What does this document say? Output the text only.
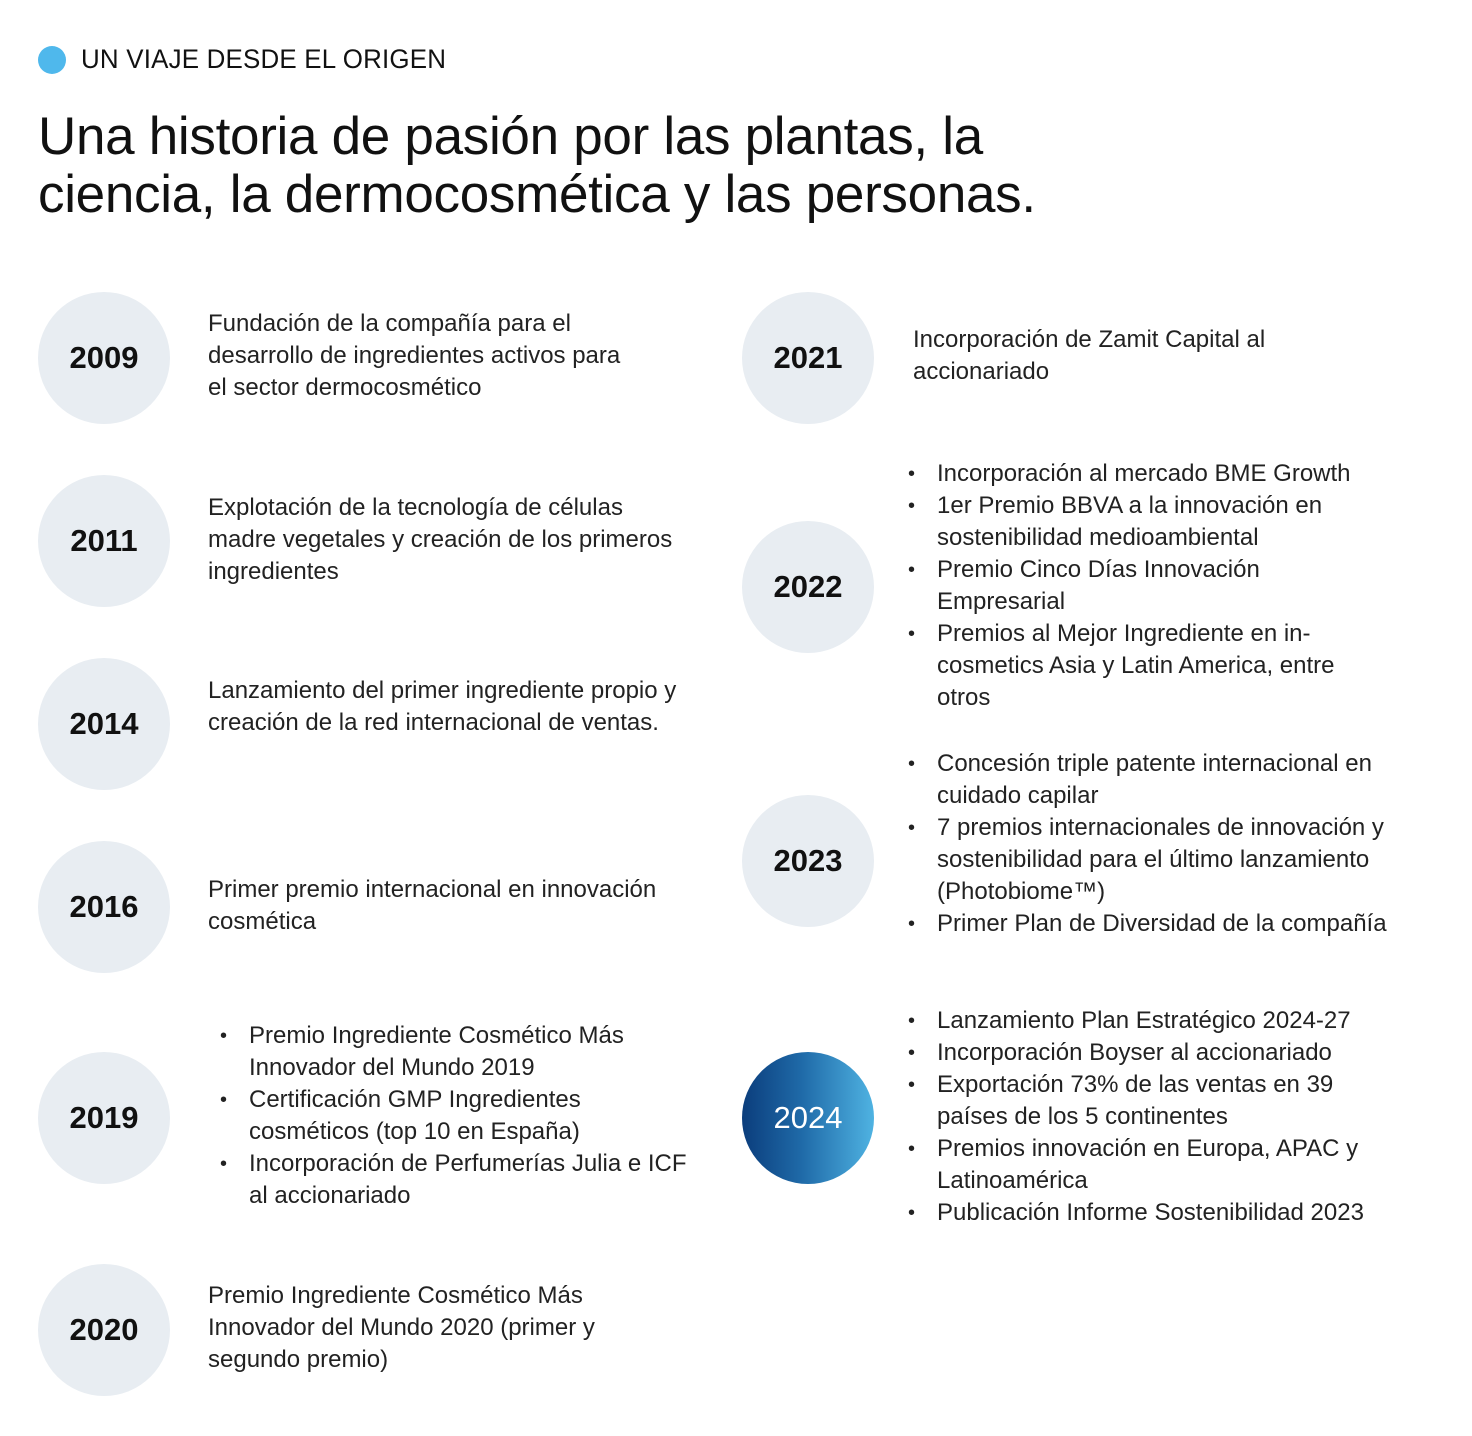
UN VIAJE DESDE EL ORIGEN
Una historia de pasión por las plantas, la
ciencia, la dermocosmética y las personas.
2009

Fundación de la compañía para el desarrollo de ingredientes activos para el sector dermocosmético

2011

Explotación de la tecnología de células madre vegetales y creación de los primeros ingredientes

2014

Lanzamiento del primer ingrediente propio y creación de la red internacional de ventas.

2016	Primer premio internacional en innovación cosmética

2019
• Premio Ingrediente Cosmético Más Innovador del Mundo 2019
• Certificación GMP Ingredientes cosméticos (top 10 en España)
• Incorporación de Perfumerías Julia e ICF al accionariado
2020

Premio Ingrediente Cosmético Más Innovador del Mundo 2020 (primer y segundo premio)

2021

Incorporación de Zamit Capital al accionariado

2022
• Incorporación al mercado BME Growth
• 1er Premio BBVA a la innovación en sostenibilidad medioambiental
• Premio Cinco Días Innovación Empresarial
• Premios al Mejor Ingrediente en in-cosmetics Asia y Latin America, entre otros
2023
• Concesión triple patente internacional en cuidado capilar
• 7 premios internacionales de innovación y sostenibilidad para el último lanzamiento (Photobiome™)
• Primer Plan de Diversidad de la compañía
2024
• Lanzamiento Plan Estratégico 2024-27
• Incorporación Boyser al accionariado
• Exportación 73% de las ventas en 39 países de los 5 continentes
• Premios innovación en Europa, APAC y Latinoamérica
• Publicación Informe Sostenibilidad 2023
